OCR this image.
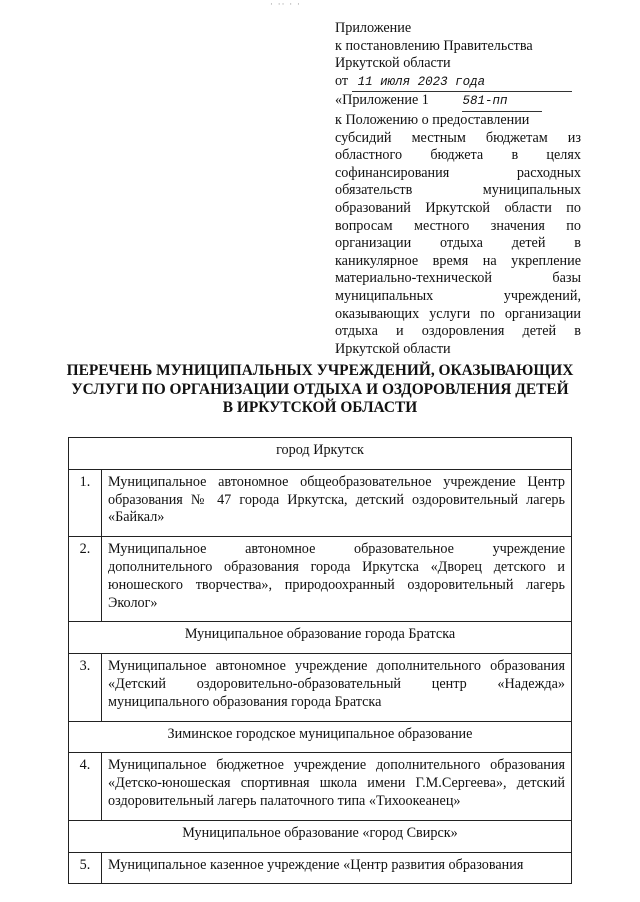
· ·· · ·
Приложение
к постановлению Правительства
Иркутской области
от 11 июля 2023 года
«Приложение 1	581-пп
к Положению о предоставлении
субсидий местным бюджетам из
областного бюджета в целях
софинансирования расходных
обязательств муниципальных
образований Иркутской области по
вопросам местного значения по
организации отдыха детей в
каникулярное время на укрепление
материально-технической базы
муниципальных учреждений,
оказывающих услуги по организации
отдыха и оздоровления детей в
Иркутской области
ПЕРЕЧЕНЬ МУНИЦИПАЛЬНЫХ УЧРЕЖДЕНИЙ, ОКАЗЫВАЮЩИХ
УСЛУГИ ПО ОРГАНИЗАЦИИ ОТДЫХА И ОЗДОРОВЛЕНИЯ ДЕТЕЙ
В ИРКУТСКОЙ ОБЛАСТИ
город Иркутск	
1.	Муниципальное автономное общеобразовательное учреждение Центр образования № 47 города Иркутска, детский оздоровительный лагерь «Байкал»
2.	Муниципальное автономное образовательное учреждение дополнительного образования города Иркутска «Дворец детского и юношеского творчества», природоохранный оздоровительный лагерь Эколог»
Муниципальное образование города Братска	
3.	Муниципальное автономное учреждение дополнительного образования «Детский оздоровительно-образовательный центр «Надежда» муниципального образования города Братска
Зиминское городское муниципальное образование	
4.	Муниципальное бюджетное учреждение дополнительного образования «Детско-юношеская спортивная школа имени Г.М.Сергеева», детский оздоровительный лагерь палаточного типа «Тихоокеанец»
Муниципальное образование «город Свирск»	
5.	Муниципальное казенное учреждение «Центр развития образования
